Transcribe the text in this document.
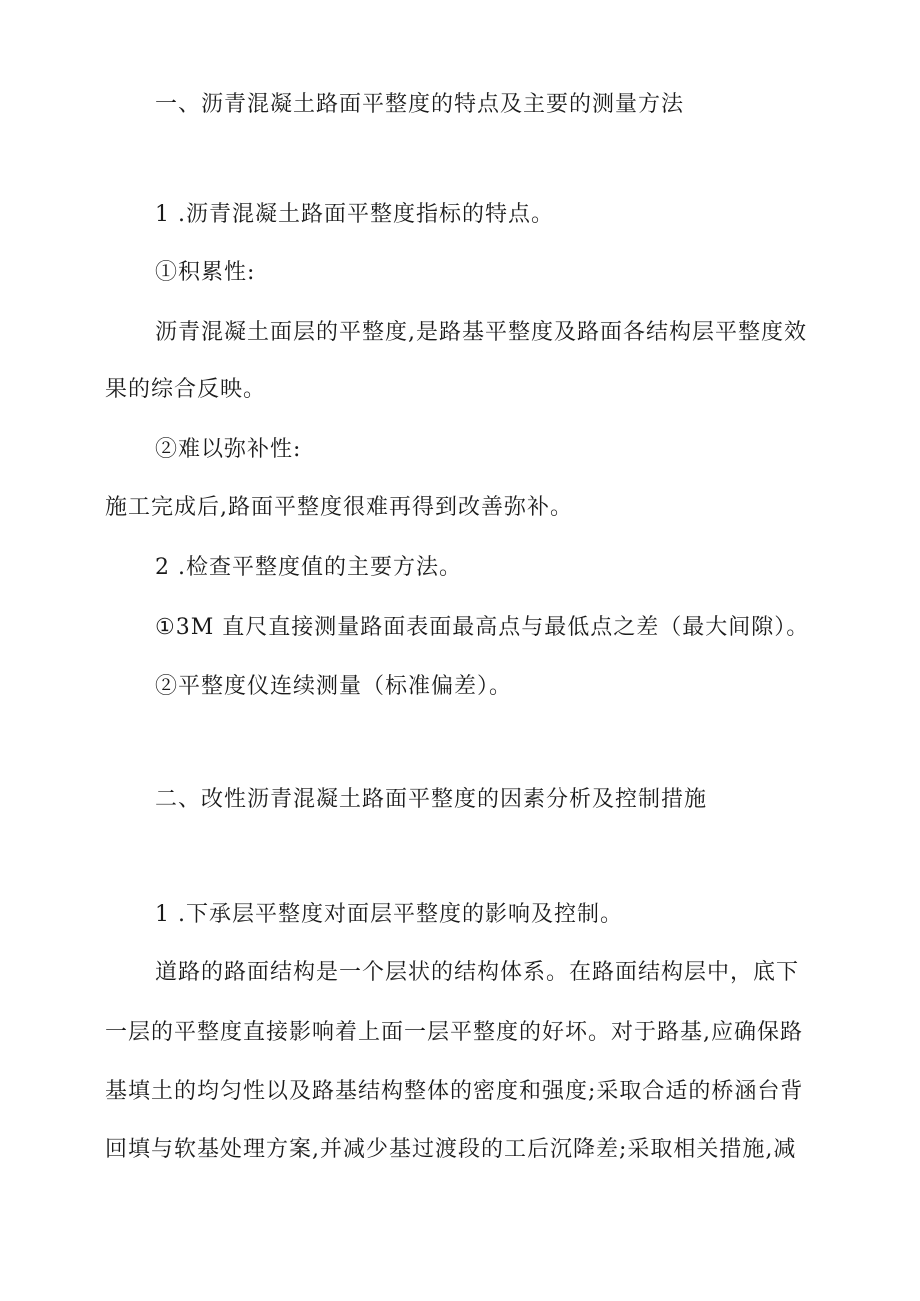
一、沥青混凝土路面平整度的特点及主要的测量方法
1 .沥青混凝土路面平整度指标的特点。
①积累性:
沥青混凝土面层的平整度,是路基平整度及路面各结构层平整度效
果的综合反映。
②难以弥补性:
施工完成后,路面平整度很难再得到改善弥补。
2 .检查平整度值的主要方法。
①3M 直尺直接测量路面表面最高点与最低点之差（最大间隙）。
②平整度仪连续测量（标准偏差）。
二、改性沥青混凝土路面平整度的因素分析及控制措施
1 .下承层平整度对面层平整度的影响及控制。
道路的路面结构是一个层状的结构体系。在路面结构层中，底下
一层的平整度直接影响着上面一层平整度的好坏。对于路基,应确保路
基填土的均匀性以及路基结构整体的密度和强度;采取合适的桥涵台背
回填与软基处理方案,并减少基过渡段的工后沉降差;采取相关措施,减
